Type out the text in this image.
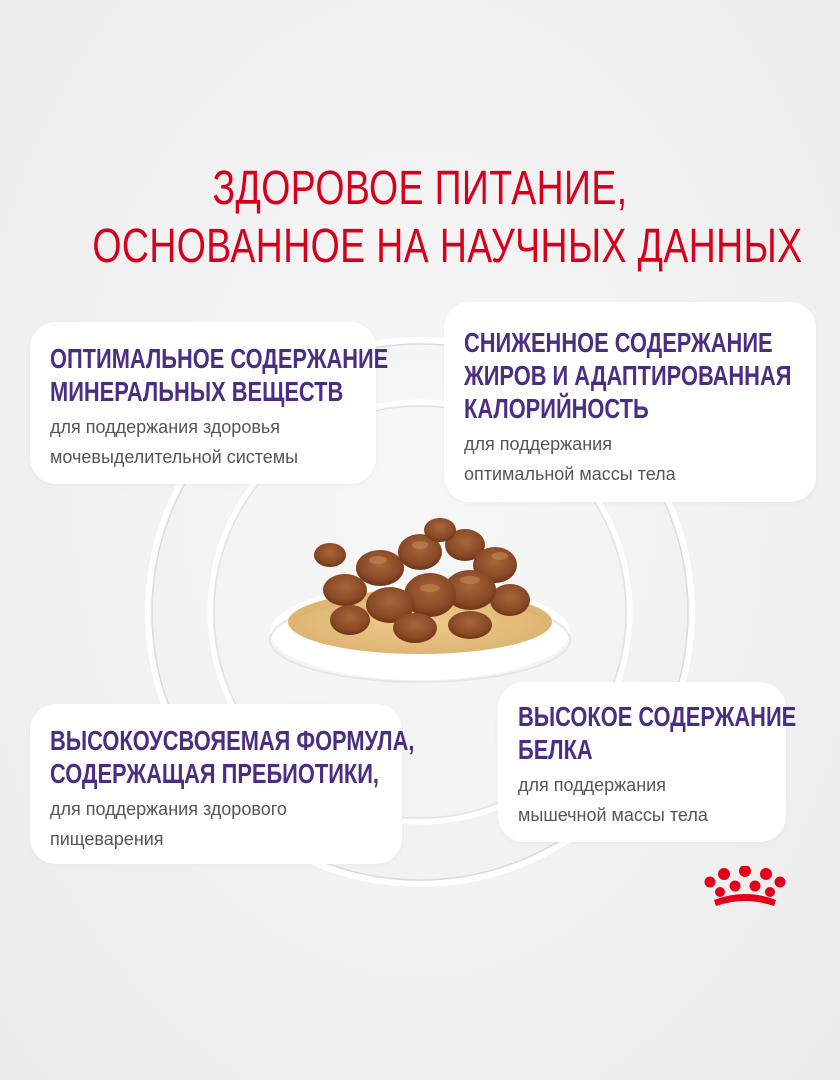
ЗДОРОВОЕ ПИТАНИЕ,
ОСНОВАННОЕ НА НАУЧНЫХ ДАННЫХ
ОПТИМАЛЬНОЕ СОДЕРЖАНИЕ
МИНЕРАЛЬНЫХ ВЕЩЕСТВ
для поддержания здоровья
мочевыделительной системы
СНИЖЕННОЕ СОДЕРЖАНИЕ
ЖИРОВ И АДАПТИРОВАННАЯ
КАЛОРИЙНОСТЬ
для поддержания
оптимальной массы тела
ВЫСОКОУСВОЯЕМАЯ ФОРМУЛА,
СОДЕРЖАЩАЯ ПРЕБИОТИКИ,
для поддержания здорового
пищеварения
ВЫСОКОЕ СОДЕРЖАНИЕ
БЕЛКА
для поддержания
мышечной массы тела
